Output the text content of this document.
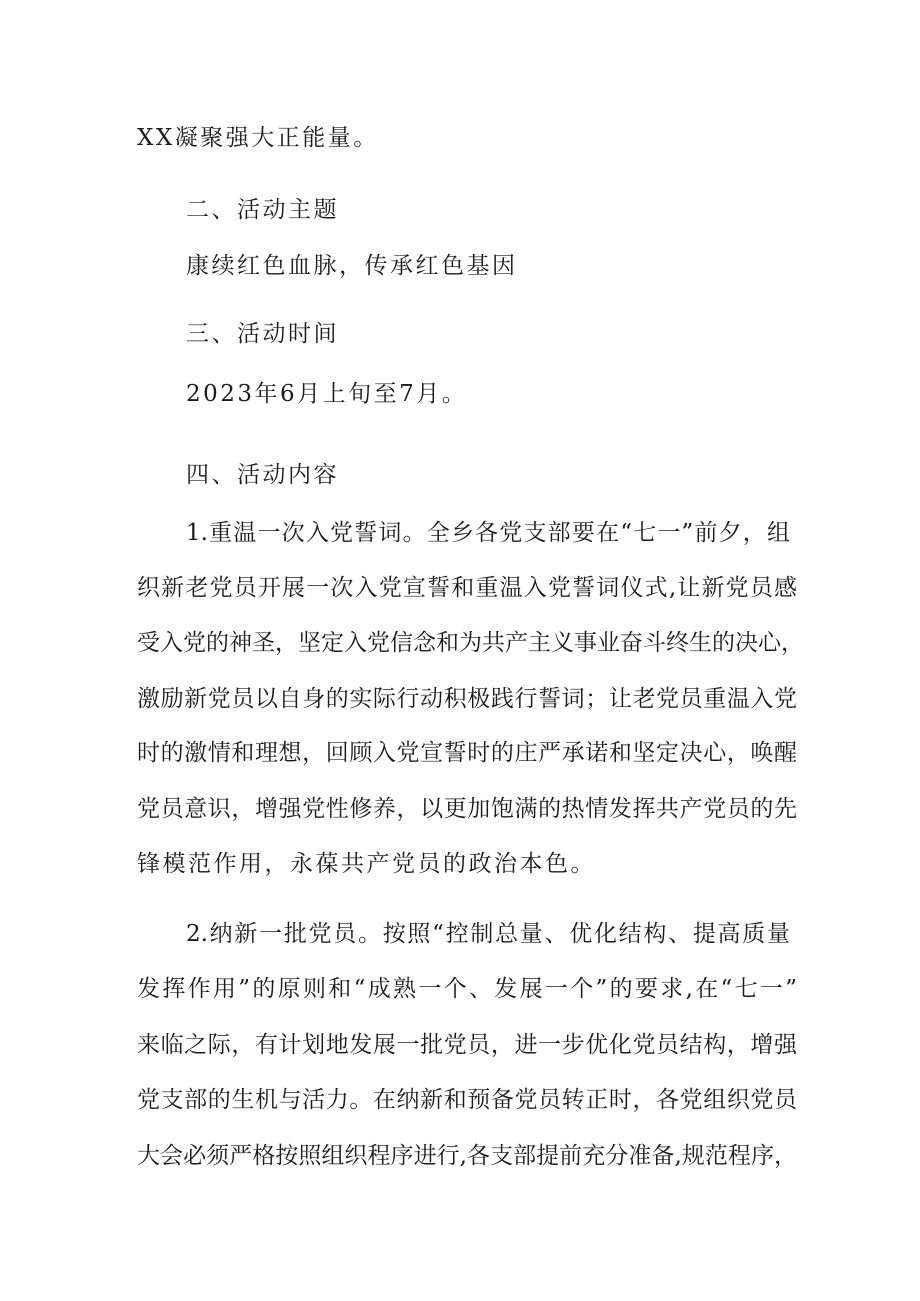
XX凝聚强大正能量。
二、活动主题
康续红色血脉，传承红色基因
三、活动时间
2023年6月上旬至7月。
四、活动内容
1.重温一次入党誓词。全乡各党支部要在“七一”前夕，组
织新老党员开展一次入党宣誓和重温入党誓词仪式,让新党员感
受入党的神圣，坚定入党信念和为共产主义事业奋斗终生的决心，
激励新党员以自身的实际行动积极践行誓词；让老党员重温入党
时的激情和理想，回顾入党宣誓时的庄严承诺和坚定决心，唤醒
党员意识，增强党性修养，以更加饱满的热情发挥共产党员的先
锋模范作用，永葆共产党员的政治本色。
2.纳新一批党员。按照“控制总量、优化结构、提高质量
发挥作用”的原则和“成熟一个、发展一个”的要求,在“七一”
来临之际，有计划地发展一批党员，进一步优化党员结构，增强
党支部的生机与活力。在纳新和预备党员转正时，各党组织党员
大会必须严格按照组织程序进行,各支部提前充分准备,规范程序，
